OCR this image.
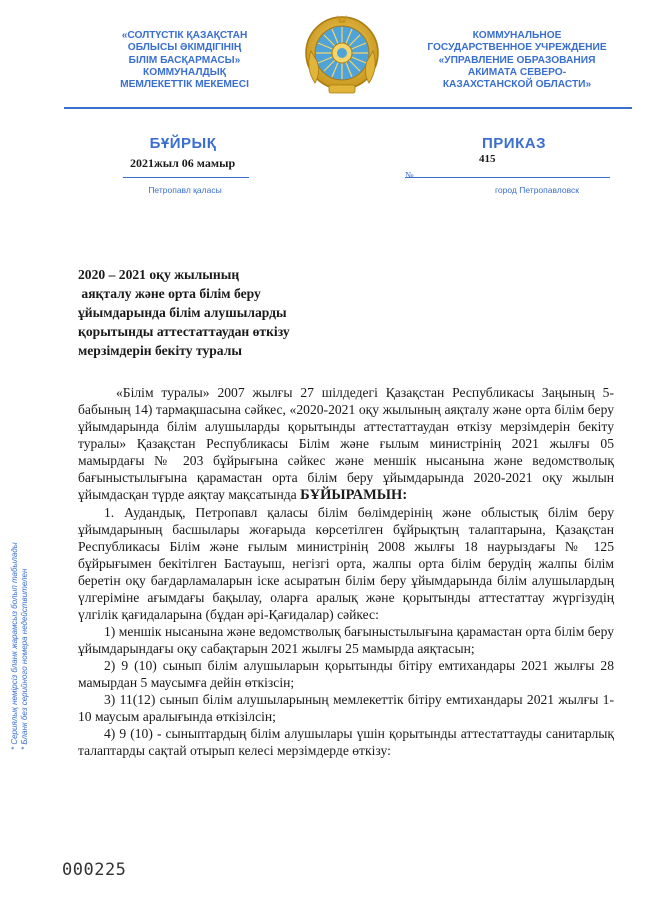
«СОЛТҮСТІК ҚАЗАҚСТАН
ОБЛЫСЫ ӘКІМДІГІНІҢ
БІЛІМ БАСҚАРМАСЫ»
КОММУНАЛДЫҚ
МЕМЛЕКЕТТІК МЕКЕМЕСІ
КОММУНАЛЬНОЕ
ГОСУДАРСТВЕННОЕ УЧРЕЖДЕНИЕ
«УПРАВЛЕНИЕ ОБРАЗОВАНИЯ
АКИМАТА СЕВЕРО-
КАЗАХСТАНСКОЙ ОБЛАСТИ»
БҰЙРЫҚ	ПРИКАЗ
2021жыл 06 мамыр	415
№
Петропавл қаласы	город Петропавловск
2020 – 2021 оқу жылының
аяқталу және орта білім беру
ұйымдарында білім алушыларды
қорытынды аттестаттаудан өткізу
мерзімдерін бекіту туралы

«Білім туралы» 2007 жылғы 27 шілдедегі Қазақстан Республикасы Заңының 5-бабының 14) тармақшасына сәйкес, «2020-2021 оқу жылының аяқталу және орта білім беру ұйымдарында білім алушыларды қорытынды аттестаттаудан өткізу мерзімдерін бекіту туралы» Қазақстан Республикасы Білім және ғылым министрінің 2021 жылғы 05 мамырдағы № 203 бұйрығына сәйкес және меншік нысанына және ведомстволық бағыныстылығына қарамастан орта білім беру ұйымдарында 2020-2021 оқу жылын ұйымдасқан түрде аяқтау мақсатында БҰЙЫРАМЫН:

1. Аудандық, Петропавл қаласы білім бөлімдерінің және облыстық білім беру ұйымдарының басшылары жоғарыда көрсетілген бұйрықтың талаптарына, Қазақстан Республикасы Білім және ғылым министрінің 2008 жылғы 18 наурыздағы № 125 бұйрығымен бекітілген Бастауыш, негізгі орта, жалпы орта білім берудің жалпы білім беретін оқу бағдарламаларын іске асыратын білім беру ұйымдарында білім алушылардың үлгеріміне ағымдағы бақылау, оларға аралық және қорытынды аттестаттау жүргізудің үлгілік қағидаларына (бұдан әрі-Қағидалар) сәйкес:

1) меншік нысанына және ведомстволық бағыныстылығына қарамастан орта білім беру ұйымдарындағы оқу сабақтарын 2021 жылғы 25 мамырда аяқтасын;

2) 9 (10) сынып білім алушыларын қорытынды бітіру емтихандары 2021 жылғы 28 мамырдан 5 маусымға дейін өткізсін;

3) 11(12) сынып білім алушыларының мемлекеттік бітіру емтихандары 2021 жылғы 1-10 маусым аралығында өткізілсін;

4) 9 (10) - сыныптардың білім алушылары үшін қорытынды аттестаттауды санитарлық талаптарды сақтай отырып келесі мерзімдерде өткізу:

* Сериялық нөмірсіз бланк жарамсыз болып табылады * Бланк без серийного номера недействителен
000225
